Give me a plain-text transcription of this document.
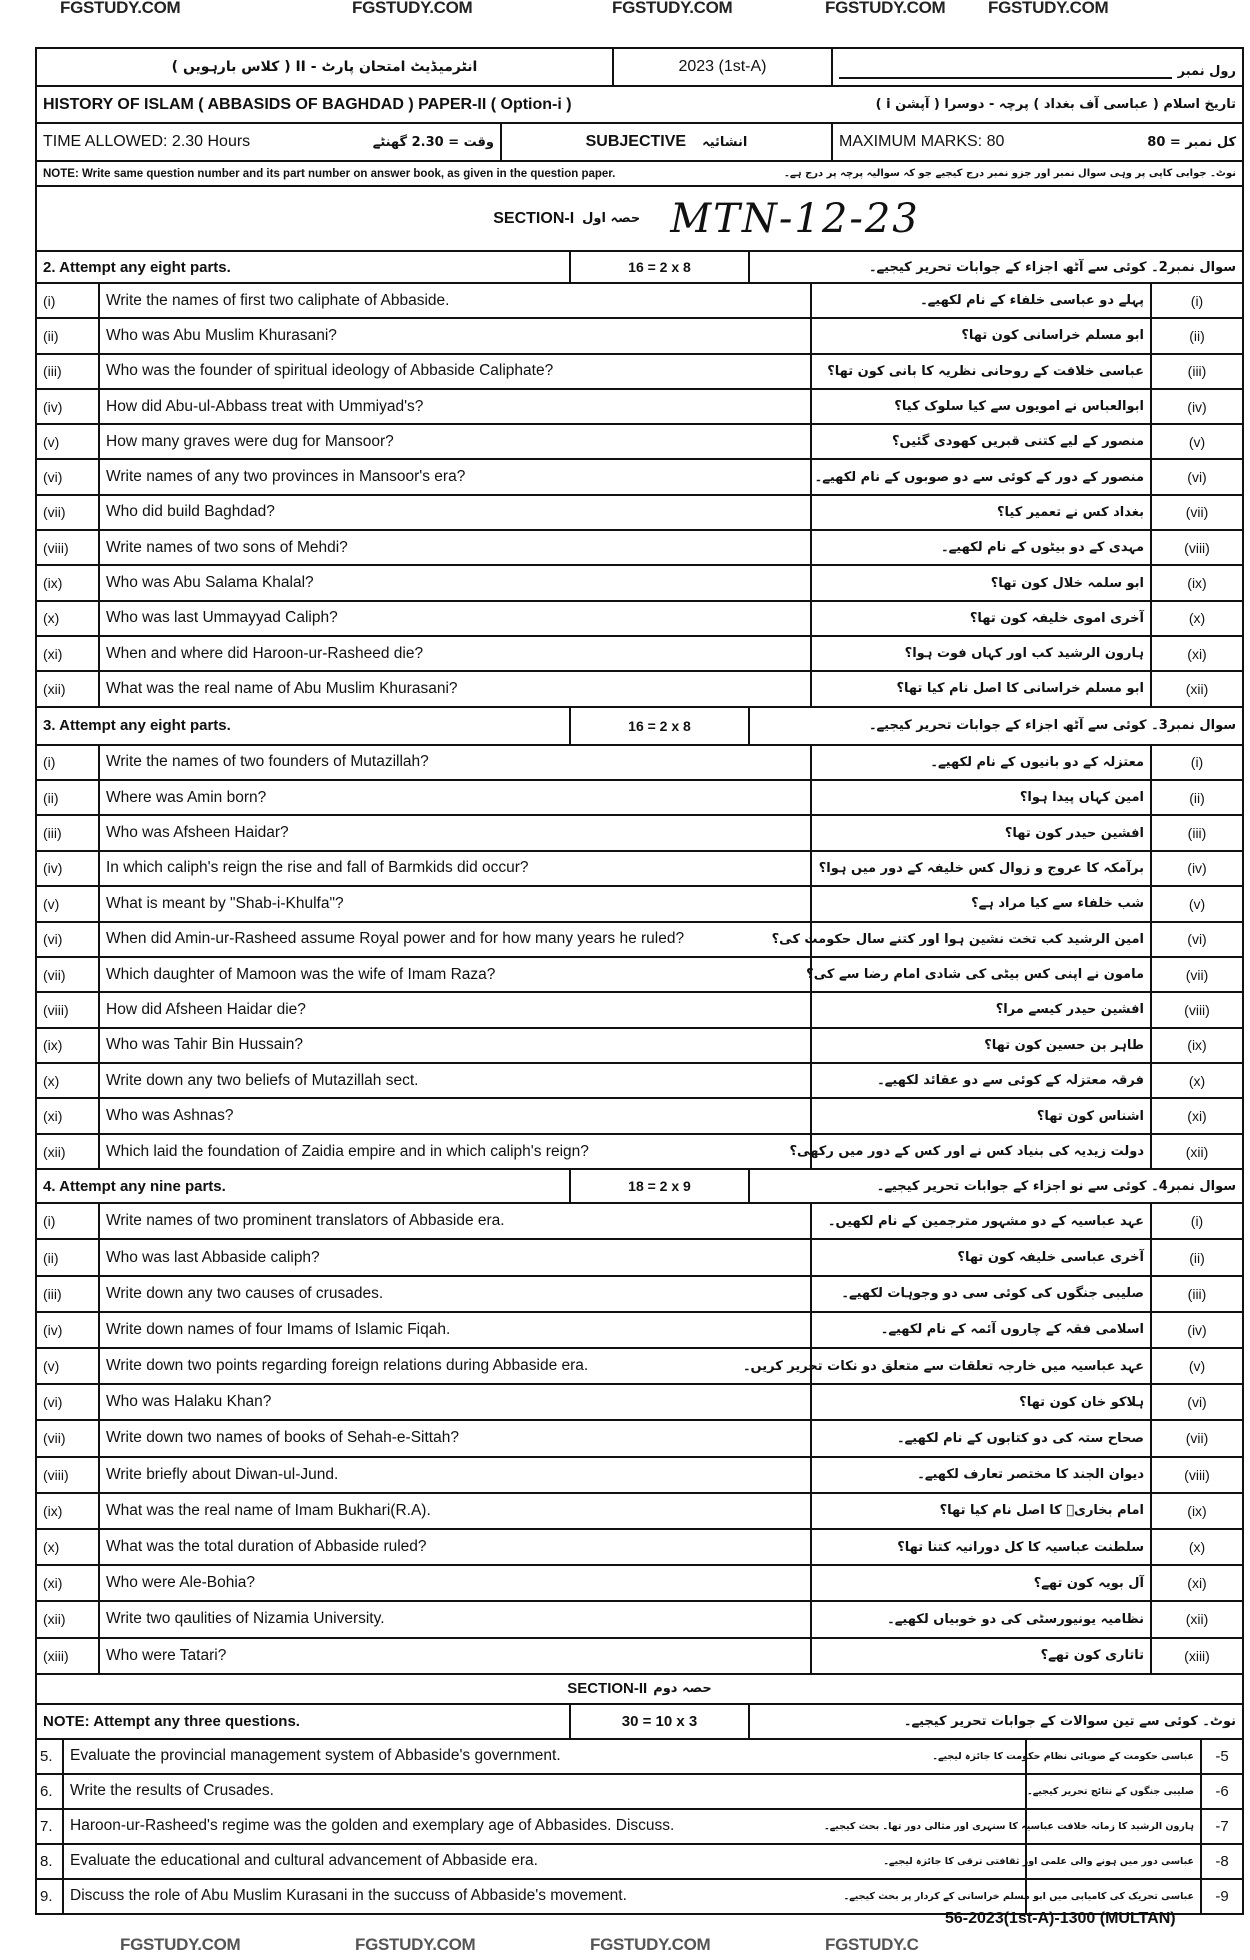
FGSTUDY.COM	FGSTUDY.COM	FGSTUDY.COM	FGSTUDY.COM	FGSTUDY.COM
انٹرمیڈیٹ امتحان پارٹ - II ( کلاس بارہویں )	2023 (1st-A)	رول نمبر
HISTORY OF ISLAM ( ABBASIDS OF BAGHDAD ) PAPER-II ( Option-i )	تاریخ اسلام ( عباسی آف بغداد ) پرچہ - دوسرا ( آپشن i )
TIME ALLOWED: 2.30 Hours	وقت = 2.30 گھنٹے	SUBJECTIVE انشائیہ	MAXIMUM MARKS: 80	کل نمبر = 80
NOTE: Write same question number and its part number on answer book, as given in the question paper.	نوٹ۔ جوابی کاپی پر وہی سوال نمبر اور جزو نمبر درج کیجیے جو کہ سوالیہ پرچہ پر درج ہے۔
SECTION-I حصہ اول MTN-12-23
2. Attempt any eight parts.	16 = 2 x 8	سوال نمبر2۔ کوئی سے آٹھ اجزاء کے جوابات تحریر کیجیے۔
(i)	Write the names of first two caliphate of Abbaside.	پہلے دو عباسی خلفاء کے نام لکھیے۔	(i)
(ii)	Who was Abu Muslim Khurasani?	ابو مسلم خراسانی کون تھا؟	(ii)
(iii)	Who was the founder of spiritual ideology of Abbaside Caliphate?	عباسی خلافت کے روحانی نظریہ کا بانی کون تھا؟	(iii)
(iv)	How did Abu-ul-Abbass treat with Ummiyad's?	ابوالعباس نے امویوں سے کیا سلوک کیا؟	(iv)
(v)	How many graves were dug for Mansoor?	منصور کے لیے کتنی قبریں کھودی گئیں؟	(v)
(vi)	Write names of any two provinces in Mansoor's era?	منصور کے دور کے کوئی سے دو صوبوں کے نام لکھیے۔	(vi)
(vii)	Who did build Baghdad?	بغداد کس نے تعمیر کیا؟	(vii)
(viii)	Write names of two sons of Mehdi?	مہدی کے دو بیٹوں کے نام لکھیے۔	(viii)
(ix)	Who was Abu Salama Khalal?	ابو سلمہ خلال کون تھا؟	(ix)
(x)	Who was last Ummayyad Caliph?	آخری اموی خلیفہ کون تھا؟	(x)
(xi)	When and where did Haroon-ur-Rasheed die?	ہارون الرشید کب اور کہاں فوت ہوا؟	(xi)
(xii)	What was the real name of Abu Muslim Khurasani?	ابو مسلم خراسانی کا اصل نام کیا تھا؟	(xii)
3. Attempt any eight parts.	16 = 2 x 8	سوال نمبر3۔ کوئی سے آٹھ اجزاء کے جوابات تحریر کیجیے۔
(i)	Write the names of two founders of Mutazillah?	معتزلہ کے دو بانیوں کے نام لکھیے۔	(i)
(ii)	Where was Amin born?	امین کہاں پیدا ہوا؟	(ii)
(iii)	Who was Afsheen Haidar?	افشین حیدر کون تھا؟	(iii)
(iv)	In which caliph's reign the rise and fall of Barmkids did occur?	برآمکہ کا عروج و زوال کس خلیفہ کے دور میں ہوا؟	(iv)
(v)	What is meant by "Shab-i-Khulfa"?	شب خلفاء سے کیا مراد ہے؟	(v)
(vi)	When did Amin-ur-Rasheed assume Royal power and for how many years he ruled?	امین الرشید کب تخت نشین ہوا اور کتنے سال حکومت کی؟	(vi)
(vii)	Which daughter of Mamoon was the wife of Imam Raza?	مامون نے اپنی کس بیٹی کی شادی امام رضا سے کی؟	(vii)
(viii)	How did Afsheen Haidar die?	افشین حیدر کیسے مرا؟	(viii)
(ix)	Who was Tahir Bin Hussain?	طاہر بن حسین کون تھا؟	(ix)
(x)	Write down any two beliefs of Mutazillah sect.	فرقہ معتزلہ کے کوئی سے دو عقائد لکھیے۔	(x)
(xi)	Who was Ashnas?	اشناس کون تھا؟	(xi)
(xii)	Which laid the foundation of Zaidia empire and in which caliph's reign?	دولت زیدیہ کی بنیاد کس نے اور کس کے دور میں رکھی؟	(xii)
4. Attempt any nine parts.	18 = 2 x 9	سوال نمبر4۔ کوئی سے نو اجزاء کے جوابات تحریر کیجیے۔
(i)	Write names of two prominent translators of Abbaside era.	عہد عباسیہ کے دو مشہور مترجمین کے نام لکھیں۔	(i)
(ii)	Who was last Abbaside caliph?	آخری عباسی خلیفہ کون تھا؟	(ii)
(iii)	Write down any two causes of crusades.	صلیبی جنگوں کی کوئی سی دو وجوہات لکھیے۔	(iii)
(iv)	Write down names of four Imams of Islamic Fiqah.	اسلامی فقہ کے چاروں آئمہ کے نام لکھیے۔	(iv)
(v)	Write down two points regarding foreign relations during Abbaside era.	عہد عباسیہ میں خارجہ تعلقات سے متعلق دو نکات تحریر کریں۔	(v)
(vi)	Who was Halaku Khan?	ہلاکو خان کون تھا؟	(vi)
(vii)	Write down two names of books of Sehah-e-Sittah?	صحاح ستہ کی دو کتابوں کے نام لکھیے۔	(vii)
(viii)	Write briefly about Diwan-ul-Jund.	دیوان الجند کا مختصر تعارف لکھیے۔	(viii)
(ix)	What was the real name of Imam Bukhari(R.A).	امام بخاریؒ کا اصل نام کیا تھا؟	(ix)
(x)	What was the total duration of Abbaside ruled?	سلطنت عباسیہ کا کل دورانیہ کتنا تھا؟	(x)
(xi)	Who were Ale-Bohia?	آل بویہ کون تھے؟	(xi)
(xii)	Write two qaulities of Nizamia University.	نظامیہ یونیورسٹی کی دو خوبیاں لکھیے۔	(xii)
(xiii)	Who were Tatari?	تاتاری کون تھے؟	(xiii)
SECTION-II حصہ دوم
NOTE: Attempt any three questions.	30 = 10 x 3	نوٹ۔ کوئی سے تین سوالات کے جوابات تحریر کیجیے۔
5.	Evaluate the provincial management system of Abbaside's government.	عباسی حکومت کے صوبائی نظام حکومت کا جائزہ لیجیے۔	-5
6.	Write the results of Crusades.	صلیبی جنگوں کے نتائج تحریر کیجیے۔	-6
7.	Haroon-ur-Rasheed's regime was the golden and exemplary age of Abbasides. Discuss.	ہارون الرشید کا زمانہ خلافت عباسیہ کا سنہری اور مثالی دور تھا۔ بحث کیجیے۔	-7
8.	Evaluate the educational and cultural advancement of Abbaside era.	عباسی دور میں ہونے والی علمی اور ثقافتی ترقی کا جائزہ لیجیے۔	-8
9.	Discuss the role of Abu Muslim Kurasani in the succuss of Abbaside's movement.	عباسی تحریک کی کامیابی میں ابو مسلم خراسانی کے کردار پر بحث کیجیے۔	-9
56-2023(1st-A)-1300 (MULTAN)
FGSTUDY.COM	FGSTUDY.COM	FGSTUDY.COM	FGSTUDY.C
